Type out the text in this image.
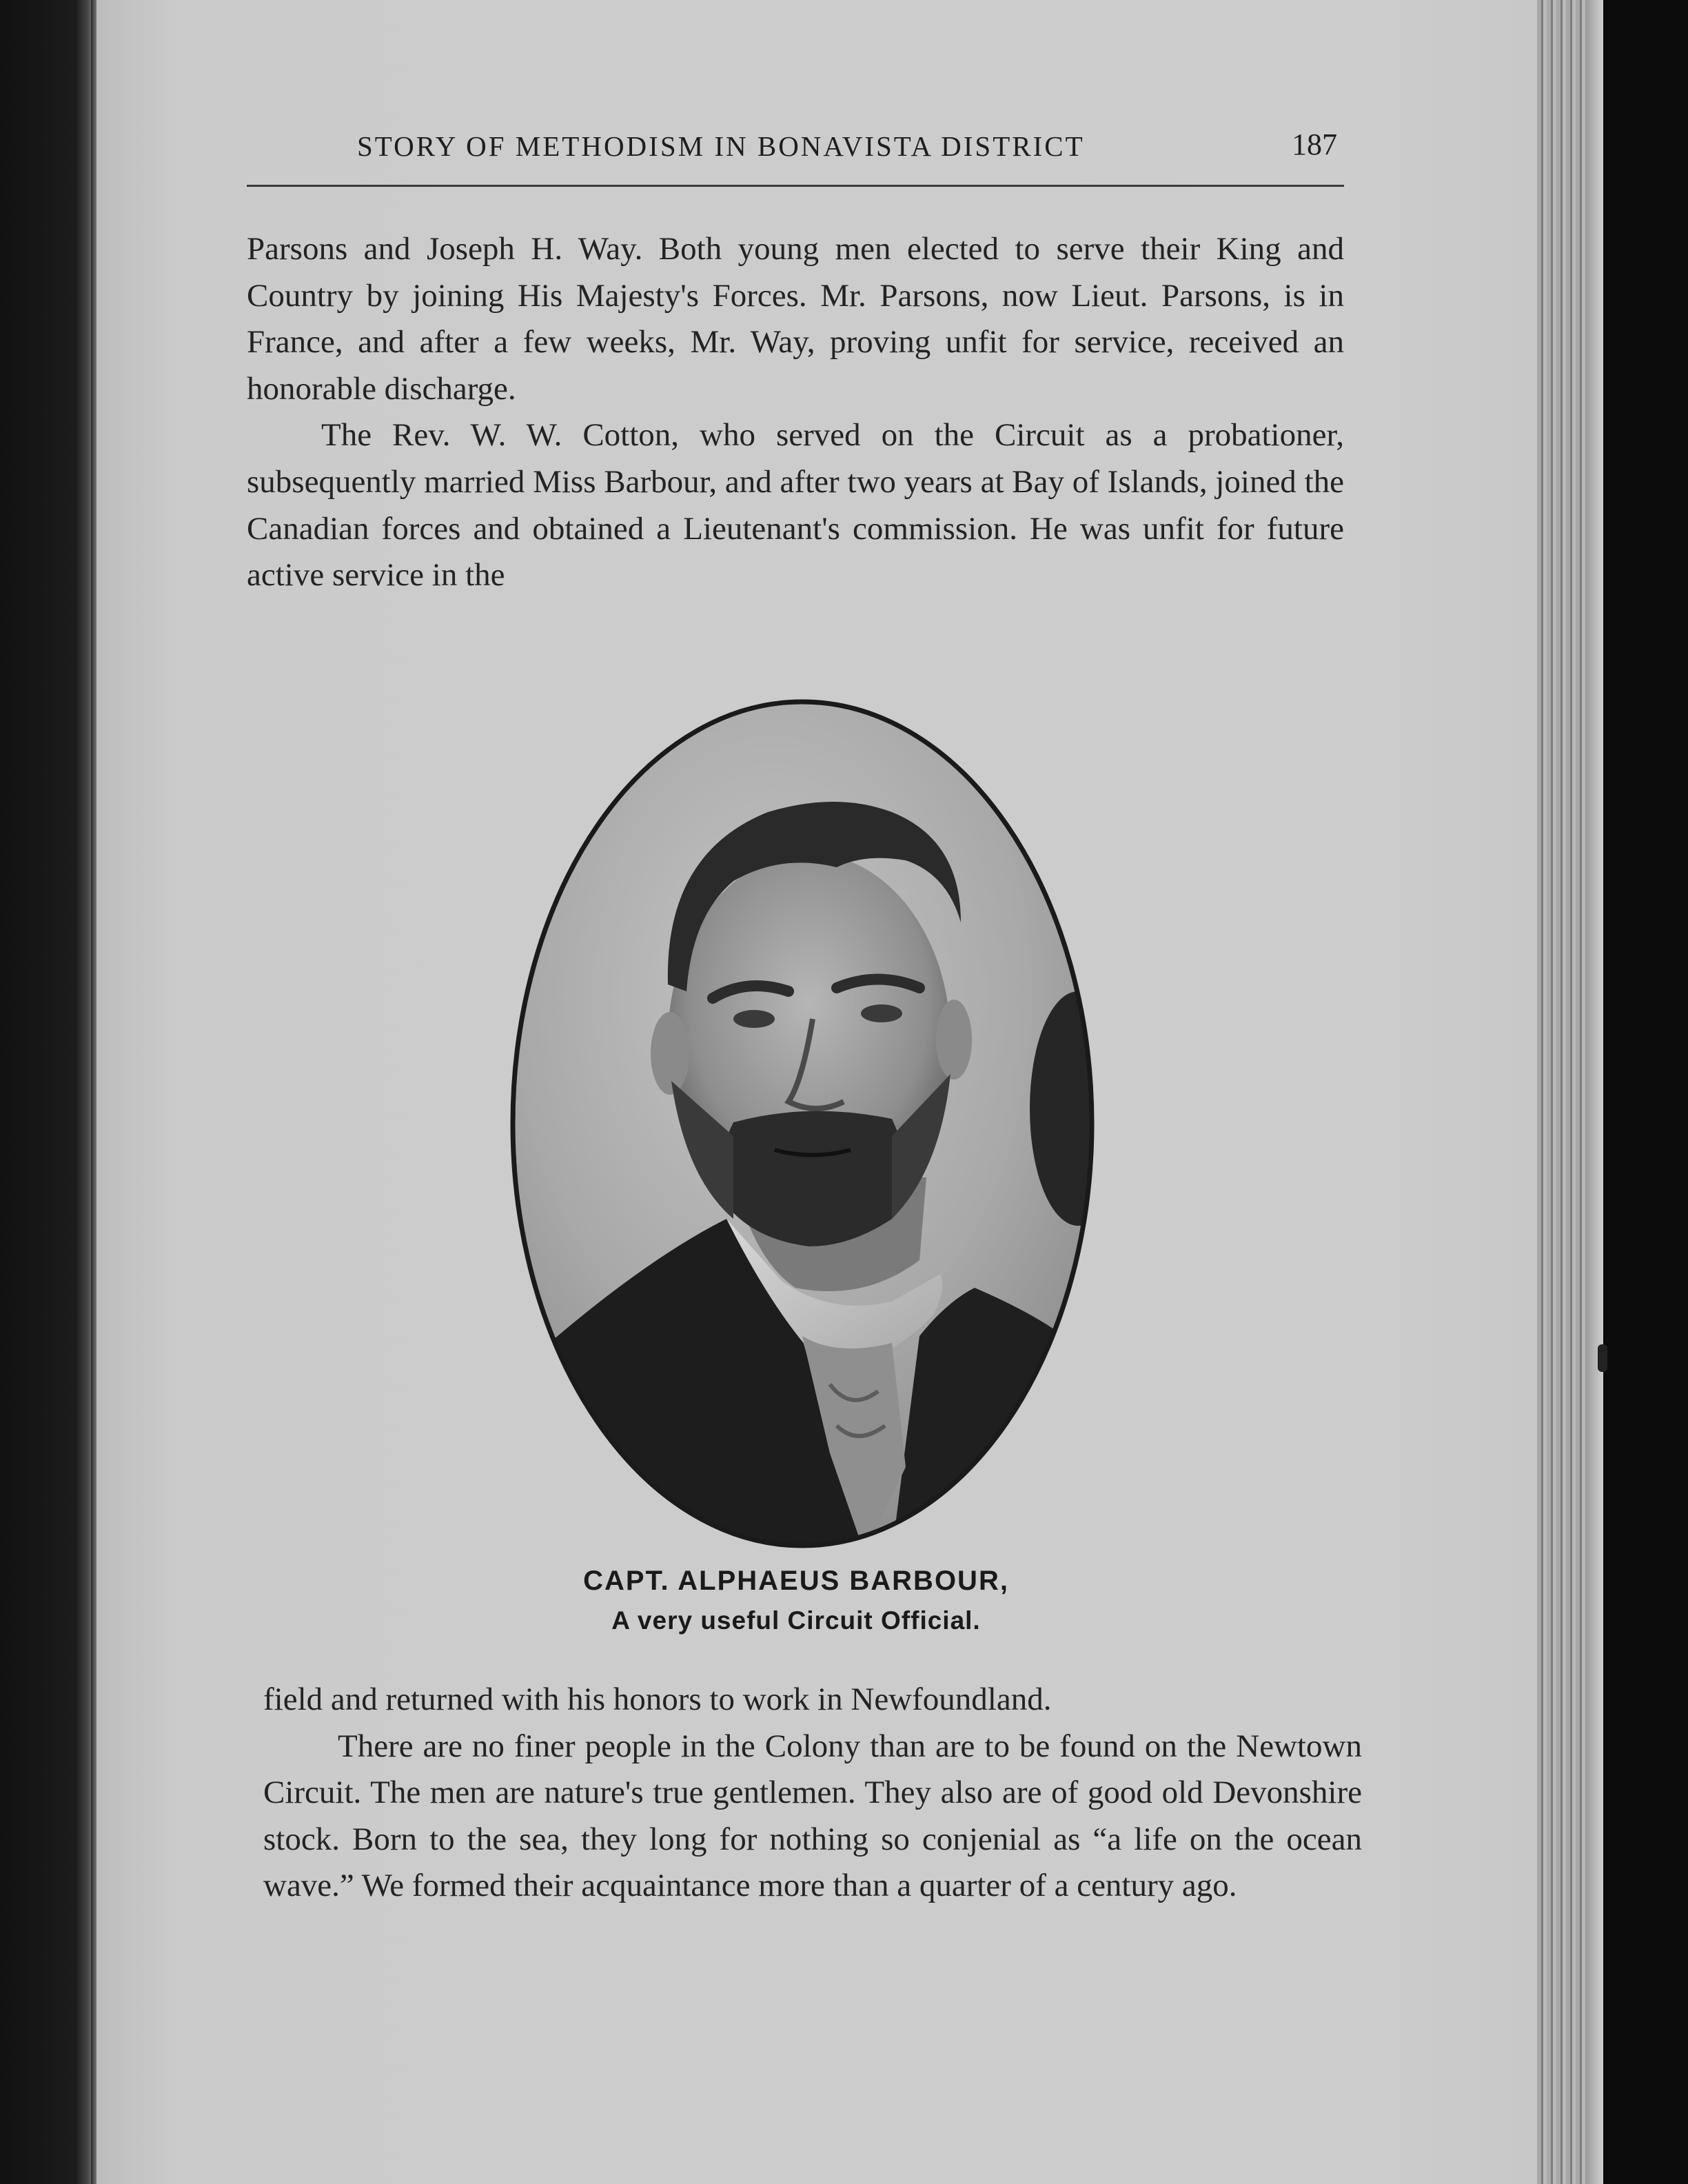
STORY OF METHODISM IN BONAVISTA DISTRICT	187

Parsons and Joseph H. Way. Both young men elected to serve their King and Country by joining His Majesty's Forces. Mr. Parsons, now Lieut. Parsons, is in France, and after a few weeks, Mr. Way, proving unfit for service, received an honorable discharge.

The Rev. W. W. Cotton, who served on the Circuit as a probationer, subsequently married Miss Barbour, and after two years at Bay of Islands, joined the Canadian forces and obtained a Lieutenant's commission. He was unfit for future active service in the

CAPT. ALPHAEUS BARBOUR,
A very useful Circuit Official.

field and returned with his honors to work in Newfoundland.

There are no finer people in the Colony than are to be found on the Newtown Circuit. The men are nature's true gentlemen. They also are of good old Devonshire stock. Born to the sea, they long for nothing so conjenial as “a life on the ocean wave.” We formed their acquaintance more than a quarter of a century ago.
